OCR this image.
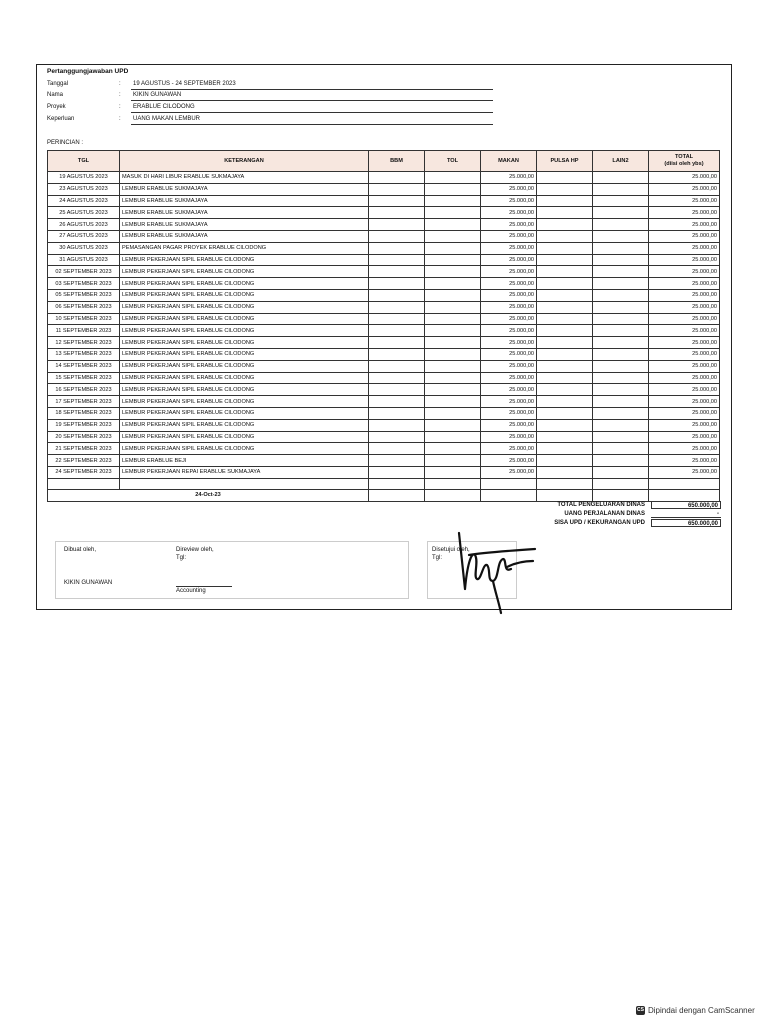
Pertanggungjawaban UPD
Tanggal	:	19 AGUSTUS - 24 SEPTEMBER 2023
Nama	:	KIKIN GUNAWAN
Proyek	:	ERABLUE CILODONG
Keperluan	:	UANG MAKAN LEMBUR
PERINCIAN :
TGL	KETERANGAN	BBM	TOL	MAKAN	PULSA HP	LAIN2	TOTAL
(diisi oleh ybs)

19 AGUSTUS 2023	MASUK DI HARI LIBUR ERABLUE SUKMAJAYA			25.000,00			25.000,00
23 AGUSTUS 2023	LEMBUR ERABLUE SUKMAJAYA			25.000,00			25.000,00
24 AGUSTUS 2023	LEMBUR ERABLUE SUKMAJAYA			25.000,00			25.000,00
25 AGUSTUS 2023	LEMBUR ERABLUE SUKMAJAYA			25.000,00			25.000,00
26 AGUSTUS 2023	LEMBUR ERABLUE SUKMAJAYA			25.000,00			25.000,00
27 AGUSTUS 2023	LEMBUR ERABLUE SUKMAJAYA			25.000,00			25.000,00
30 AGUSTUS 2023	PEMASANGAN PAGAR PROYEK ERABLUE CILODONG			25.000,00			25.000,00
31 AGUSTUS 2023	LEMBUR PEKERJAAN SIPIL ERABLUE CILODONG			25.000,00			25.000,00
02 SEPTEMBER 2023	LEMBUR PEKERJAAN SIPIL ERABLUE CILODONG			25.000,00			25.000,00
03 SEPTEMBER 2023	LEMBUR PEKERJAAN SIPIL ERABLUE CILODONG			25.000,00			25.000,00
05 SEPTEMBER 2023	LEMBUR PEKERJAAN SIPIL ERABLUE CILODONG			25.000,00			25.000,00
06 SEPTEMBER 2023	LEMBUR PEKERJAAN SIPIL ERABLUE CILODONG			25.000,00			25.000,00
10 SEPTEMBER 2023	LEMBUR PEKERJAAN SIPIL ERABLUE CILODONG			25.000,00			25.000,00
11 SEPTEMBER 2023	LEMBUR PEKERJAAN SIPIL ERABLUE CILODONG			25.000,00			25.000,00
12 SEPTEMBER 2023	LEMBUR PEKERJAAN SIPIL ERABLUE CILODONG			25.000,00			25.000,00
13 SEPTEMBER 2023	LEMBUR PEKERJAAN SIPIL ERABLUE CILODONG			25.000,00			25.000,00
14 SEPTEMBER 2023	LEMBUR PEKERJAAN SIPIL ERABLUE CILODONG			25.000,00			25.000,00
15 SEPTEMBER 2023	LEMBUR PEKERJAAN SIPIL ERABLUE CILODONG			25.000,00			25.000,00
16 SEPTEMBER 2023	LEMBUR PEKERJAAN SIPIL ERABLUE CILODONG			25.000,00			25.000,00
17 SEPTEMBER 2023	LEMBUR PEKERJAAN SIPIL ERABLUE CILODONG			25.000,00			25.000,00
18 SEPTEMBER 2023	LEMBUR PEKERJAAN SIPIL ERABLUE CILODONG			25.000,00			25.000,00
19 SEPTEMBER 2023	LEMBUR PEKERJAAN SIPIL ERABLUE CILODONG			25.000,00			25.000,00
20 SEPTEMBER 2023	LEMBUR PEKERJAAN SIPIL ERABLUE CILODONG			25.000,00			25.000,00
21 SEPTEMBER 2023	LEMBUR PEKERJAAN SIPIL ERABLUE CILODONG			25.000,00			25.000,00
22 SEPTEMBER 2023	LEMBUR ERABLUE BEJI			25.000,00			25.000,00
24 SEPTEMBER 2023	LEMBUR PEKERJAAN REPAI ERABLUE SUKMAJAYA			25.000,00			25.000,00

24-Oct-23							
TOTAL PENGELUARAN DINAS	650.000,00
UANG PERJALANAN DINAS	-
SISA UPD / KEKURANGAN UPD	650.000,00
Dibuat oleh,
KIKIN GUNAWAN
Direview oleh,
Tgl:
Accounting
Disetujui oleh,
Tgl:
CS Dipindai dengan CamScanner
